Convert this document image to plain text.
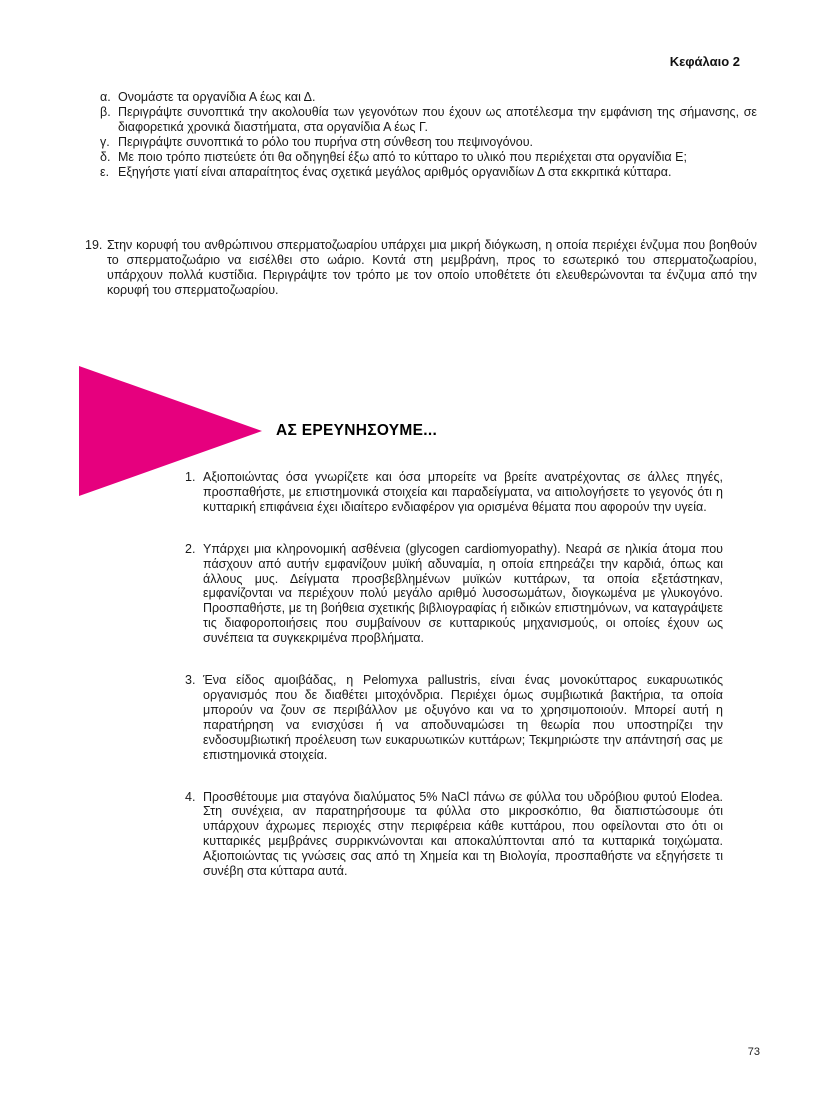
Κεφάλαιο 2
α. Ονομάστε τα οργανίδια Α έως και Δ.
β. Περιγράψτε συνοπτικά την ακολουθία των γεγονότων που έχουν ως αποτέλεσμα την εμφάνιση της σήμανσης, σε διαφορετικά χρονικά διαστήματα, στα οργανίδια Α έως Γ.
γ. Περιγράψτε συνοπτικά το ρόλο του πυρήνα στη σύνθεση του πεψινογόνου.
δ. Με ποιο τρόπο πιστεύετε ότι θα οδηγηθεί έξω από το κύτταρο το υλικό που περιέχεται στα οργανίδια Ε;
ε. Εξηγήστε γιατί είναι απαραίτητος ένας σχετικά μεγάλος αριθμός οργανιδίων Δ στα εκκριτικά κύτταρα.
19. Στην κορυφή του ανθρώπινου σπερματοζωαρίου υπάρχει μια μικρή διόγκωση, η οποία περιέχει ένζυμα που βοηθούν το σπερματοζωάριο να εισέλθει στο ωάριο. Κοντά στη μεμβράνη, προς το εσωτερικό του σπερματοζωαρίου, υπάρχουν πολλά κυστίδια. Περιγράψτε τον τρόπο με τον οποίο υποθέτετε ότι ελευθερώνονται τα ένζυμα από την κορυφή του σπερματοζωαρίου.
ΑΣ ΕΡΕΥΝΗΣΟΥΜΕ...
1. Αξιοποιώντας όσα γνωρίζετε και όσα μπορείτε να βρείτε ανατρέχοντας σε άλλες πηγές, προσπαθήστε, με επιστημονικά στοιχεία και παραδείγματα, να αιτιολογήσετε το γεγονός ότι η κυτταρική επιφάνεια έχει ιδιαίτερο ενδιαφέρον για ορισμένα θέματα που αφορούν την υγεία.
2. Υπάρχει μια κληρονομική ασθένεια (glycogen cardiomyopathy). Νεαρά σε ηλικία άτομα που πάσχουν από αυτήν εμφανίζουν μυϊκή αδυναμία, η οποία επηρεάζει την καρδιά, όπως και άλλους μυς. Δείγματα προσβεβλημένων μυϊκών κυττάρων, τα οποία εξετάστηκαν, εμφανίζονται να περιέχουν πολύ μεγάλο αριθμό λυσοσωμάτων, διογκωμένα με γλυκογόνο. Προσπαθήστε, με τη βοήθεια σχετικής βιβλιογραφίας ή ειδικών επιστημόνων, να καταγράψετε τις διαφοροποιήσεις που συμβαίνουν σε κυτταρικούς μηχανισμούς, οι οποίες έχουν ως συνέπεια τα συγκεκριμένα προβλήματα.
3. Ένα είδος αμοιβάδας, η Pelomyxa pallustris, είναι ένας μονοκύτταρος ευκαρυωτικός οργανισμός που δε διαθέτει μιτοχόνδρια. Περιέχει όμως συμβιωτικά βακτήρια, τα οποία μπορούν να ζουν σε περιβάλλον με οξυγόνο και να το χρησιμοποιούν. Μπορεί αυτή η παρατήρηση να ενισχύσει ή να αποδυναμώσει τη θεωρία που υποστηρίζει την ενδοσυμβιωτική προέλευση των ευκαρυωτικών κυττάρων; Τεκμηριώστε την απάντησή σας με επιστημονικά στοιχεία.
4. Προσθέτουμε μια σταγόνα διαλύματος 5% NaCl πάνω σε φύλλα του υδρόβιου φυτού Elodea. Στη συνέχεια, αν παρατηρήσουμε τα φύλλα στο μικροσκόπιο, θα διαπιστώσουμε ότι υπάρχουν άχρωμες περιοχές στην περιφέρεια κάθε κυττάρου, που οφείλονται στο ότι οι κυτταρικές μεμβράνες συρρικνώνονται και αποκαλύπτονται από τα κυτταρικά τοιχώματα. Αξιοποιώντας τις γνώσεις σας από τη Χημεία και τη Βιολογία, προσπαθήστε να εξηγήσετε τι συνέβη στα κύτταρα αυτά.
73
